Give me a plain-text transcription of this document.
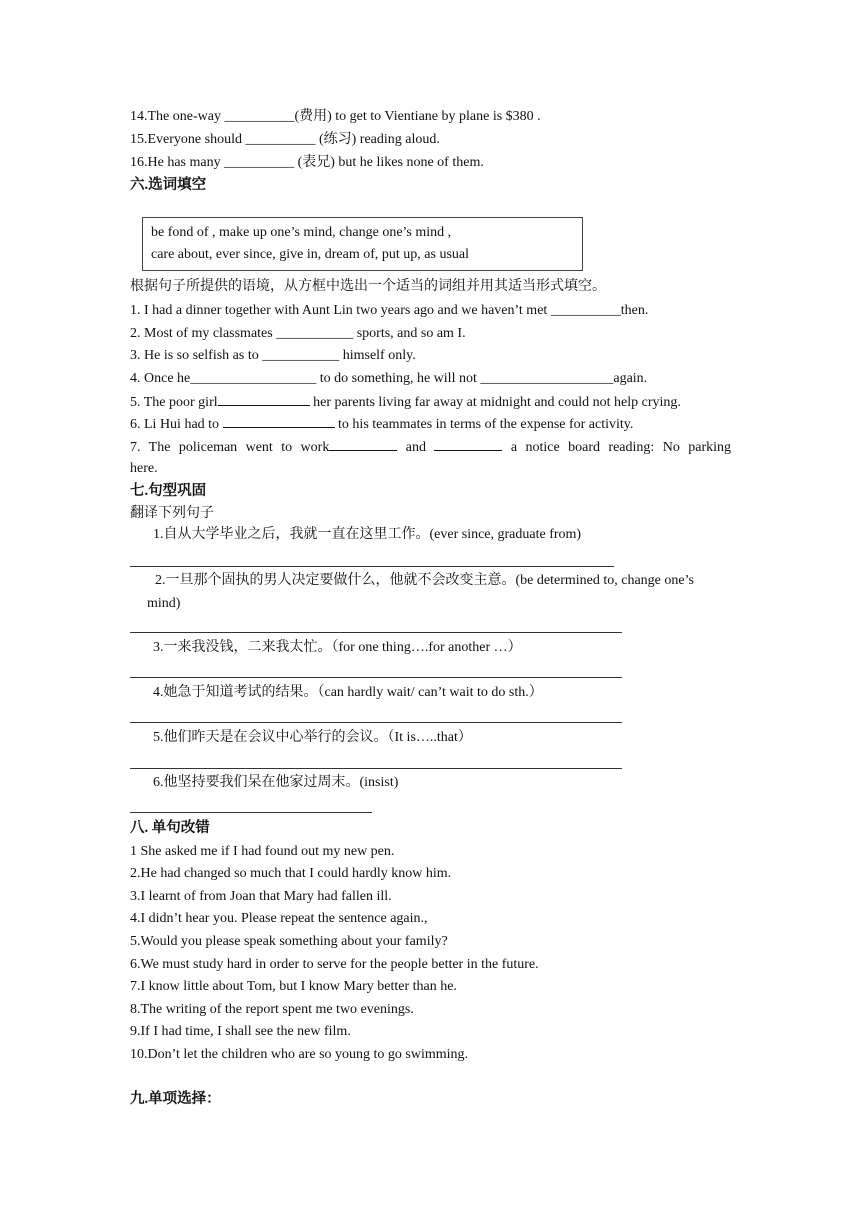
14.The one-way __________(费用) to get to Vientiane by plane is $380 .
15.Everyone should __________ (练习) reading aloud.
16.He has many __________ (表兄) but he likes none of them.
六.选词填空
be fond of , make up one’s mind, change one’s mind ,
care about, ever since, give in, dream of, put up, as usual
根据句子所提供的语境，从方框中选出一个适当的词组并用其适当形式填空。
1. I had a dinner together with Aunt Lin two years ago and we haven’t met __________then.
2. Most of my classmates ___________ sports, and so am I.
3. He is so selfish as to ___________ himself only.
4. Once he__________________ to do something, he will not ___________________again.
5. The poor girl	her parents living far away at midnight and could not help crying.
6. Li Hui had to	to his teammates in terms of the expense for activity.
7. The policeman went to work	and	a notice board reading: No parking
here.
七.句型巩固
翻译下列句子
1.自从大学毕业之后，我就一直在这里工作。(ever since, graduate from)
2.一旦那个固执的男人决定要做什么，他就不会改变主意。(be determined to, change one’s
mind)
3.一来我没钱，二来我太忙。（for one thing….for another …）
4.她急于知道考试的结果。（can hardly wait/ can’t wait to do sth.）
5.他们昨天是在会议中心举行的会议。（It is…..that）
6.他坚持要我们呆在他家过周末。(insist)
八. 单句改错
1 She asked me if I had found out my new pen.
2.He had changed so much that I could hardly know him.
3.I learnt of from Joan that Mary had fallen ill.
4.I didn’t hear you. Please repeat the sentence again.,
5.Would you please speak something about your family?
6.We must study hard in order to serve for the people better in the future.
7.I know little about Tom, but I know Mary better than he.
8.The writing of the report spent me two evenings.
9.If I had time, I shall see the new film.
10.Don’t let the children who are so young to go swimming.
九.单项选择：
